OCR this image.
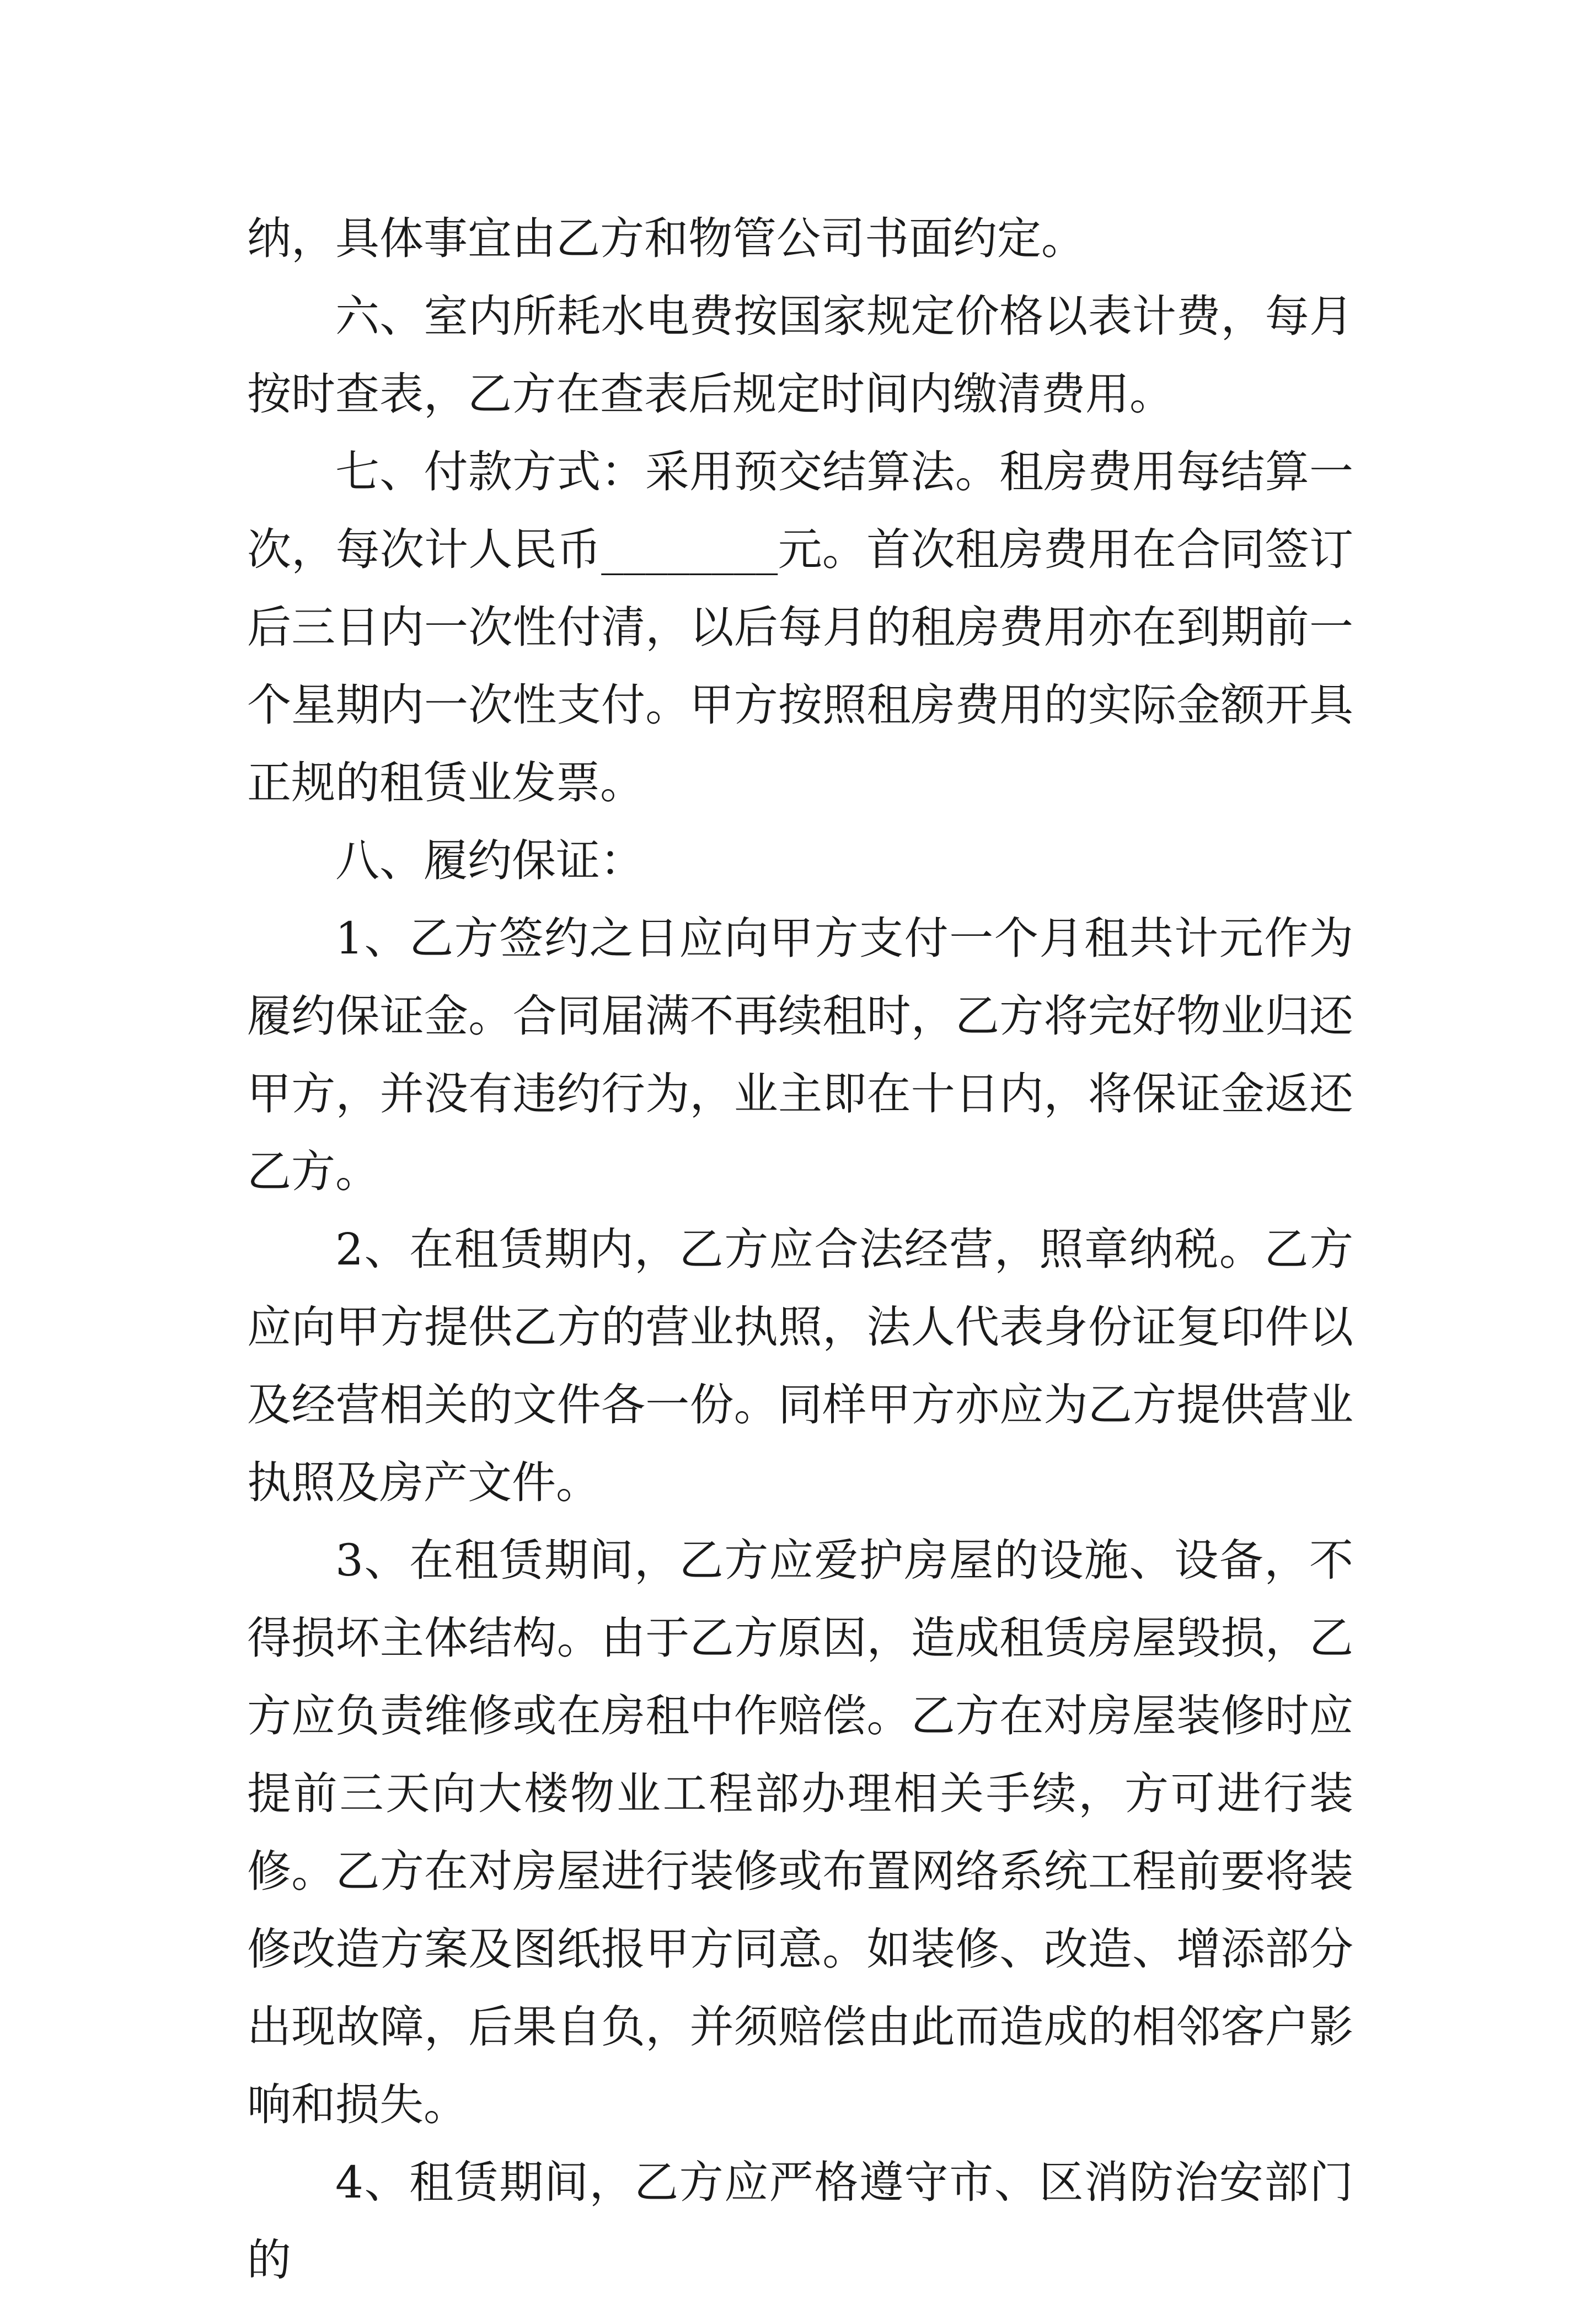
纳，具体事宜由乙方和物管公司书面约定。

六、室内所耗水电费按国家规定价格以表计费，每月按时查表，乙方在查表后规定时间内缴清费用。

七、付款方式：采用预交结算法。租房费用每结算一次，每次计人民币________元。首次租房费用在合同签订后三日内一次性付清，以后每月的租房费用亦在到期前一个星期内一次性支付。甲方按照租房费用的实际金额开具正规的租赁业发票。

八、履约保证：

1、乙方签约之日应向甲方支付一个月租共计元作为履约保证金。合同届满不再续租时，乙方将完好物业归还甲方，并没有违约行为，业主即在十日内，将保证金返还乙方。

2、在租赁期内，乙方应合法经营，照章纳税。乙方应向甲方提供乙方的营业执照，法人代表身份证复印件以及经营相关的文件各一份。同样甲方亦应为乙方提供营业执照及房产文件。

3、在租赁期间，乙方应爱护房屋的设施、设备，不得损坏主体结构。由于乙方原因，造成租赁房屋毁损，乙方应负责维修或在房租中作赔偿。乙方在对房屋装修时应提前三天向大楼物业工程部办理相关手续，方可进行装修。乙方在对房屋进行装修或布置网络系统工程前要将装修改造方案及图纸报甲方同意。如装修、改造、增添部分出现故障，后果自负，并须赔偿由此而造成的相邻客户影响和损失。

4、租赁期间，乙方应严格遵守市、区消防治安部门的
